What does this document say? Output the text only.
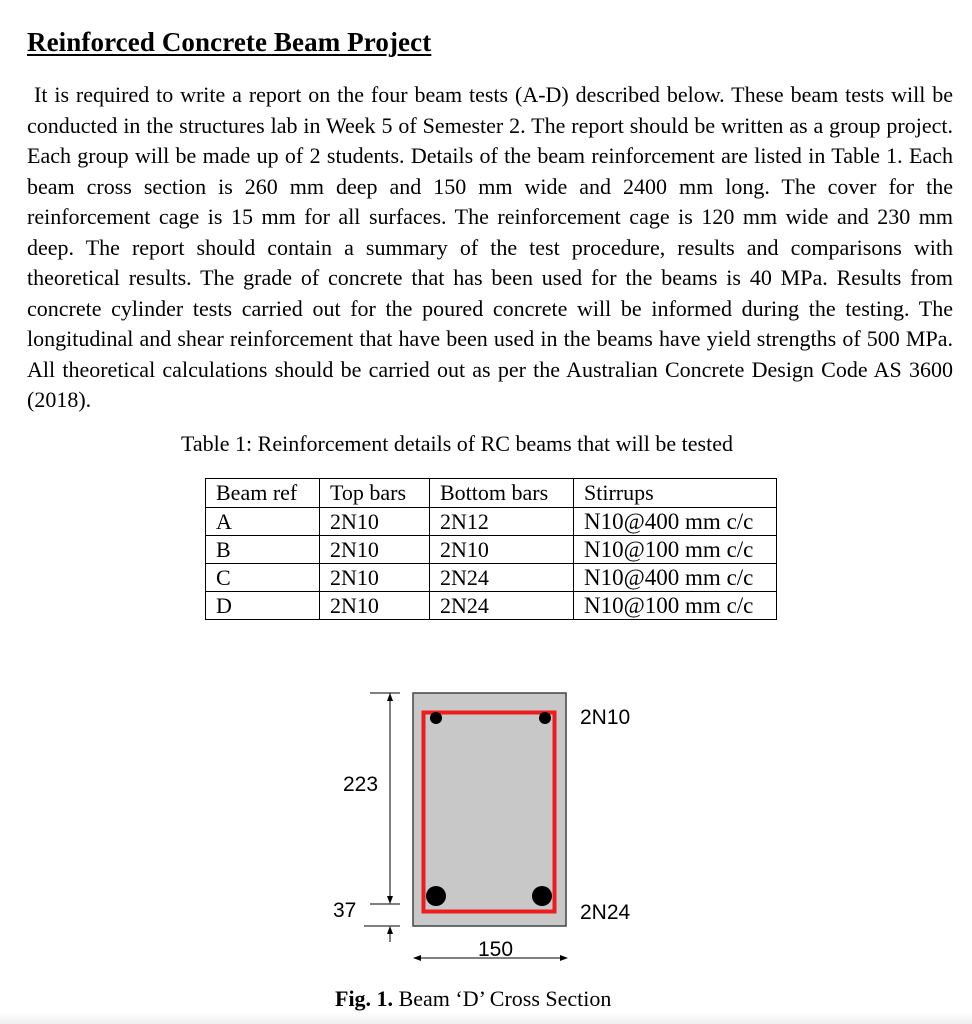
Reinforced Concrete Beam Project

It is required to write a report on the four beam tests (A-D) described below. These beam tests will be conducted in the structures lab in Week 5 of Semester 2. The report should be written as a group project. Each group will be made up of 2 students. Details of the beam reinforcement are listed in Table 1. Each beam cross section is 260 mm deep and 150 mm wide and 2400 mm long. The cover for the reinforcement cage is 15 mm for all surfaces. The reinforcement cage is 120 mm wide and 230 mm deep. The report should contain a summary of the test procedure, results and comparisons with theoretical results. The grade of concrete that has been used for the beams is 40 MPa. Results from concrete cylinder tests carried out for the poured concrete will be informed during the testing. The longitudinal and shear reinforcement that have been used in the beams have yield strengths of 500 MPa. All theoretical calculations should be carried out as per the Australian Concrete Design Code AS 3600 (2018).

Table 1: Reinforcement details of RC beams that will be tested

Beam ref	Top bars	Bottom bars	Stirrups
A	2N10	2N12	N10@400 mm c/c
B	2N10	2N10	N10@100 mm c/c
C	2N10	2N24	N10@400 mm c/c
D	2N10	2N24	N10@100 mm c/c
223
37
150
2N10
2N24

Fig. 1. Beam ‘D’ Cross Section
